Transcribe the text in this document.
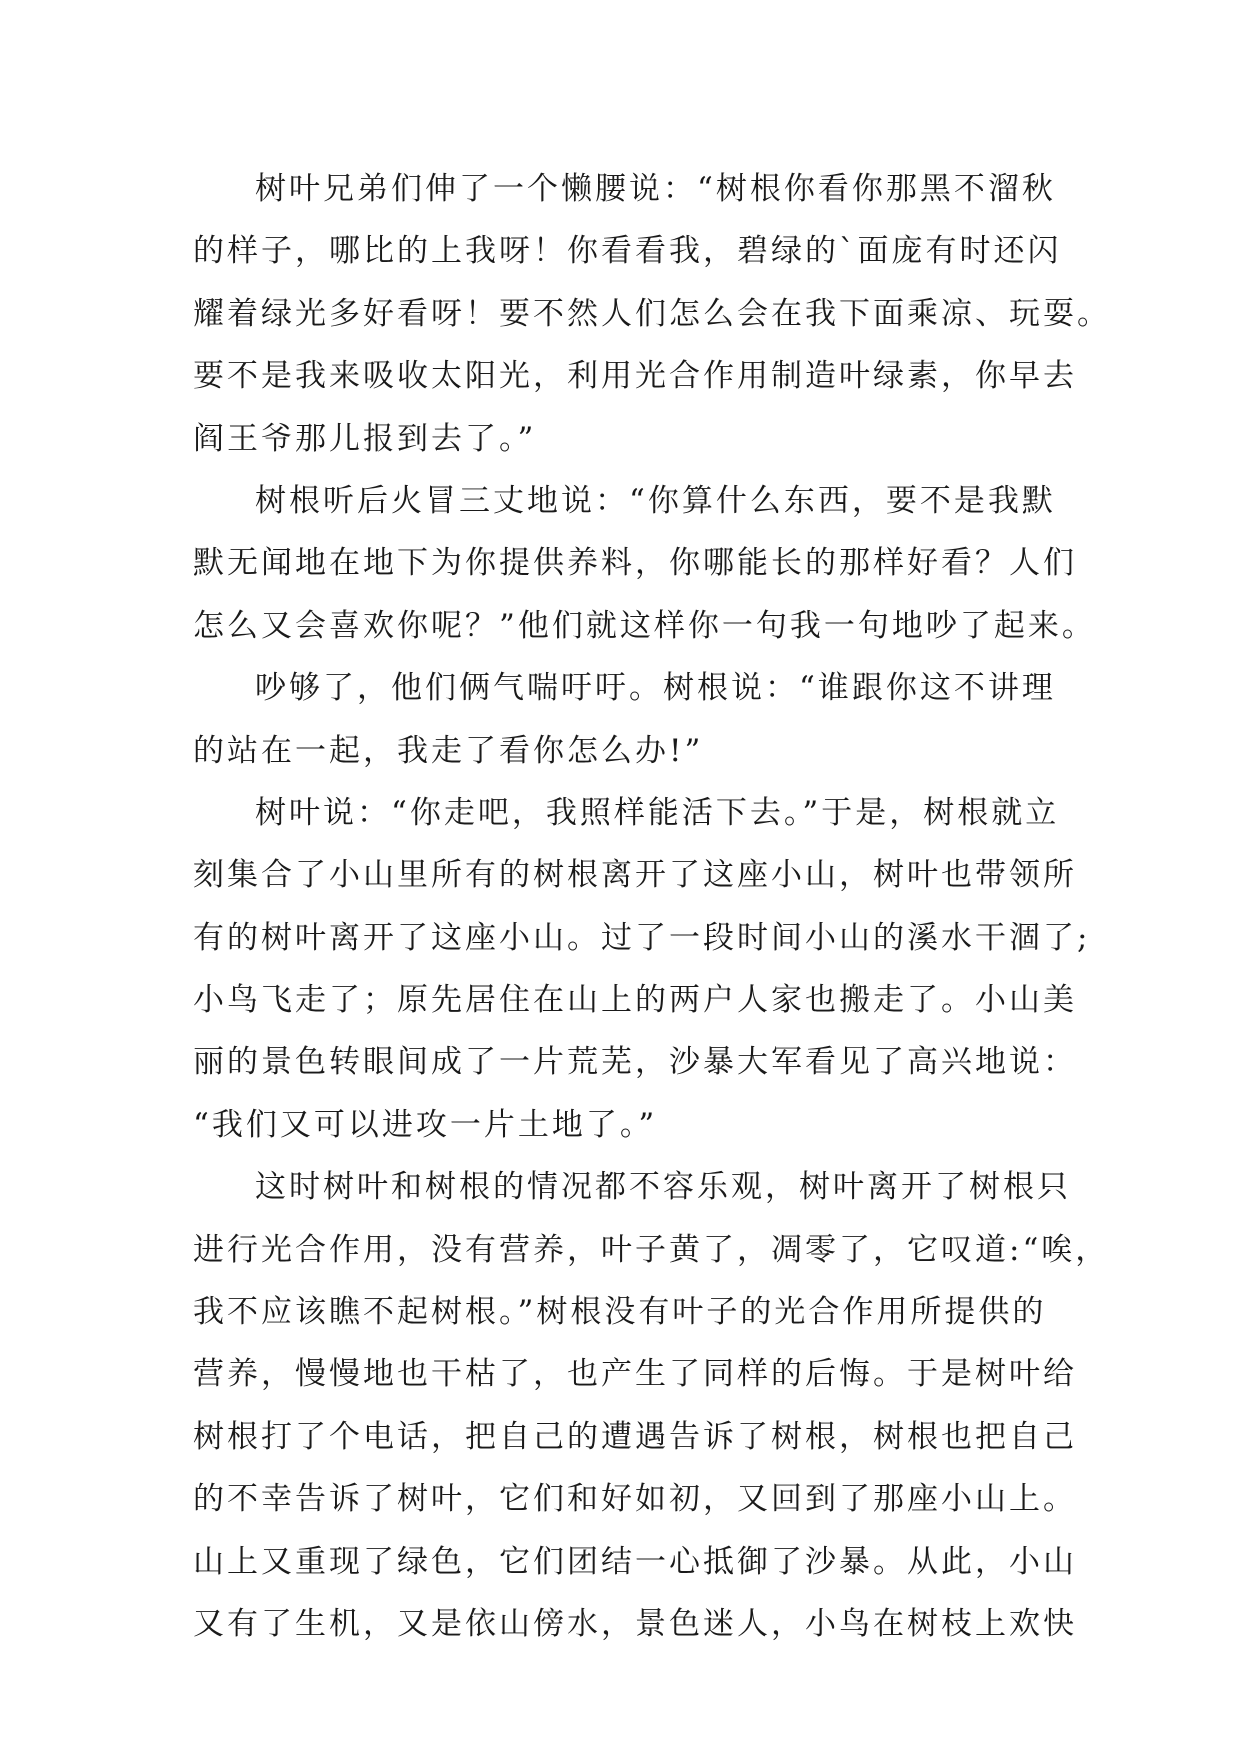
树叶兄弟们伸了一个懒腰说：“树根你看你那黑不溜秋
的样子，哪比的上我呀！你看看我，碧绿的`面庞有时还闪
耀着绿光多好看呀！要不然人们怎么会在我下面乘凉、玩耍。
要不是我来吸收太阳光，利用光合作用制造叶绿素，你早去
阎王爷那儿报到去了。”
树根听后火冒三丈地说：“你算什么东西，要不是我默
默无闻地在地下为你提供养料，你哪能长的那样好看？人们
怎么又会喜欢你呢？”他们就这样你一句我一句地吵了起来。
吵够了，他们俩气喘吁吁。树根说：“谁跟你这不讲理
的站在一起，我走了看你怎么办!”
树叶说：“你走吧，我照样能活下去。”于是，树根就立
刻集合了小山里所有的树根离开了这座小山，树叶也带领所
有的树叶离开了这座小山。过了一段时间小山的溪水干涸了;
小鸟飞走了；原先居住在山上的两户人家也搬走了。小山美
丽的景色转眼间成了一片荒芜，沙暴大军看见了高兴地说：
“我们又可以进攻一片土地了。”
这时树叶和树根的情况都不容乐观，树叶离开了树根只
进行光合作用，没有营养，叶子黄了，凋零了，它叹道:“唉，
我不应该瞧不起树根。”树根没有叶子的光合作用所提供的
营养，慢慢地也干枯了，也产生了同样的后悔。于是树叶给
树根打了个电话，把自己的遭遇告诉了树根，树根也把自己
的不幸告诉了树叶，它们和好如初，又回到了那座小山上。
山上又重现了绿色，它们团结一心抵御了沙暴。从此，小山
又有了生机，又是依山傍水，景色迷人，小鸟在树枝上欢快
